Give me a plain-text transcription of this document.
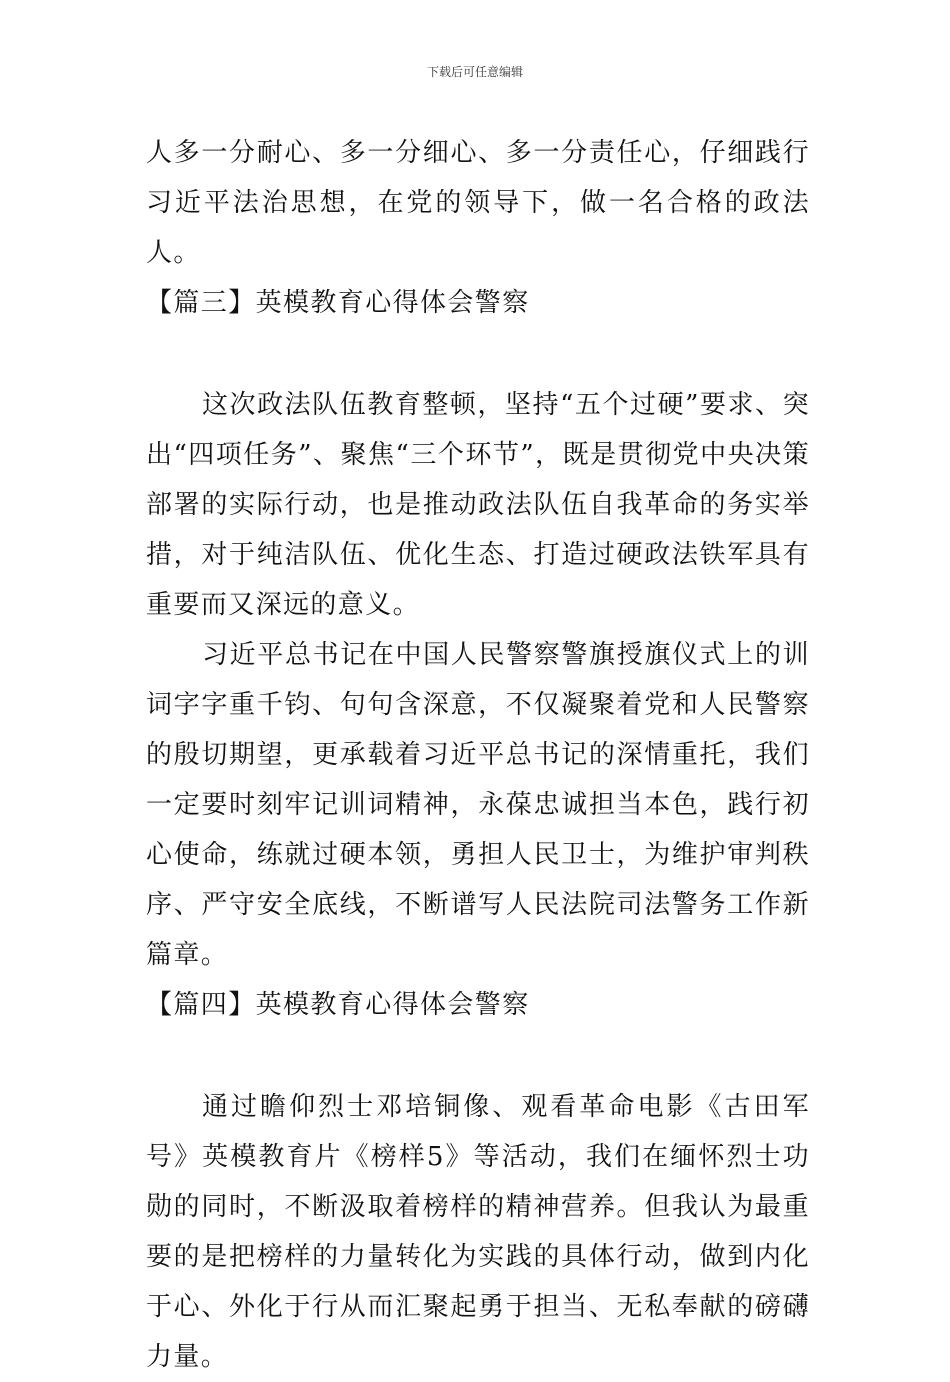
下载后可任意编辑

人多一分耐心、多一分细心、多一分责任心，仔细践行习近平法治思想，在党的领导下，做一名合格的政法人。

【篇三】英模教育心得体会警察

这次政法队伍教育整顿，坚持“五个过硬”要求、突出“四项任务”、聚焦“三个环节”，既是贯彻党中央决策部署的实际行动，也是推动政法队伍自我革命的务实举措，对于纯洁队伍、优化生态、打造过硬政法铁军具有重要而又深远的意义。

习近平总书记在中国人民警察警旗授旗仪式上的训词字字重千钧、句句含深意，不仅凝聚着党和人民警察的殷切期望，更承载着习近平总书记的深情重托，我们一定要时刻牢记训词精神，永葆忠诚担当本色，践行初心使命，练就过硬本领，勇担人民卫士，为维护审判秩序、严守安全底线，不断谱写人民法院司法警务工作新篇章。

【篇四】英模教育心得体会警察

通过瞻仰烈士邓培铜像、观看革命电影《古田军号》英模教育片《榜样5》等活动，我们在缅怀烈士功勋的同时，不断汲取着榜样的精神营养。但我认为最重要的是把榜样的力量转化为实践的具体行动，做到内化于心、外化于行从而汇聚起勇于担当、无私奉献的磅礴力量。
